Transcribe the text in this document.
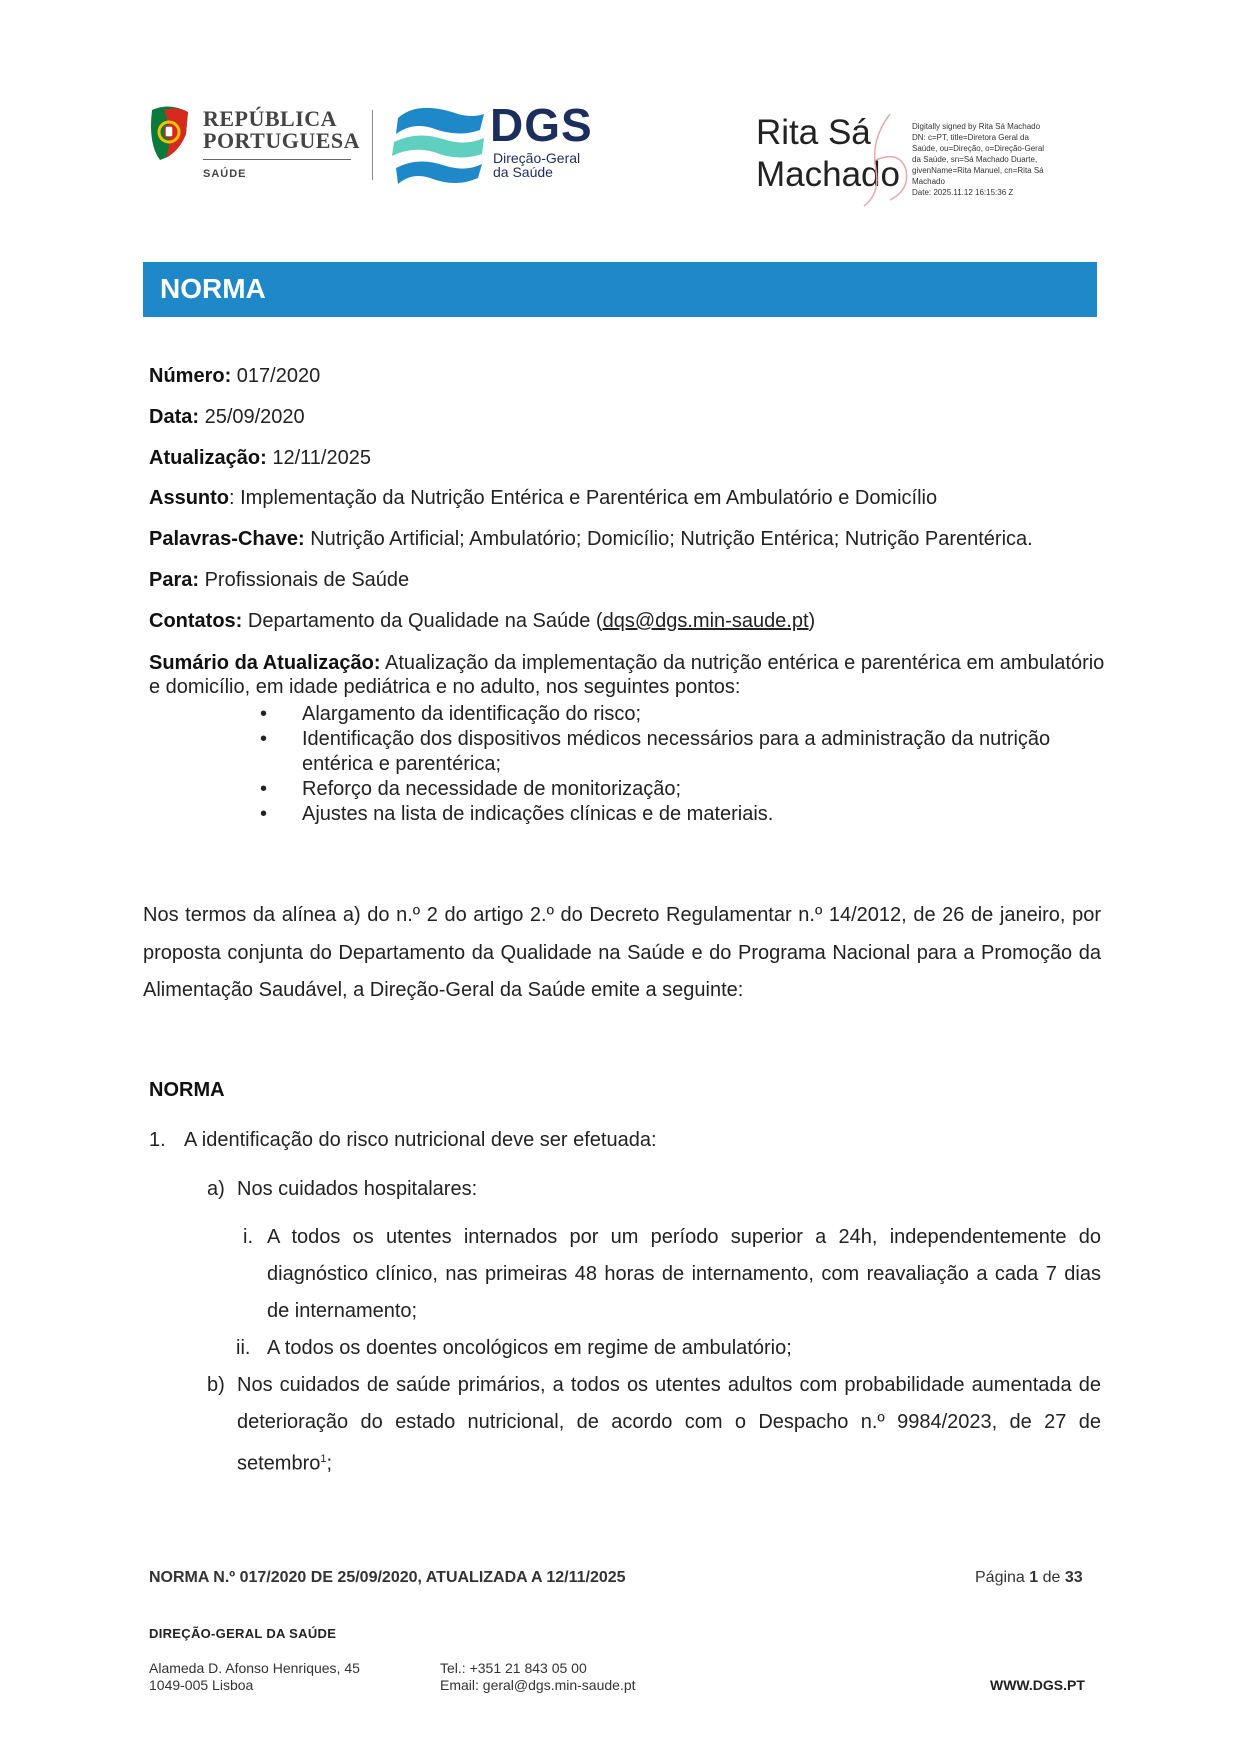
REPÚBLICA
PORTUGUESA
SAÚDE
DGS
Direção-Geral
da Saúde
Rita Sá
Machado
Digitally signed by Rita Sá Machado
DN: c=PT, title=Diretora Geral da
Saúde, ou=Direção, o=Direção-Geral
da Saúde, sn=Sá Machado Duarte,
givenName=Rita Manuel, cn=Rita Sá
Machado
Date: 2025.11.12 16:15:36 Z
NORMA
Número: 017/2020
Data: 25/09/2020
Atualização: 12/11/2025
Assunto: Implementação da Nutrição Entérica e Parentérica em Ambulatório e Domicílio
Palavras-Chave: Nutrição Artificial; Ambulatório; Domicílio; Nutrição Entérica; Nutrição Parentérica.
Para: Profissionais de Saúde
Contatos: Departamento da Qualidade na Saúde (dqs@dgs.min-saude.pt)
Sumário da Atualização: Atualização da implementação da nutrição entérica e parentérica em ambulatório e domicílio, em idade pediátrica e no adulto, nos seguintes pontos:
• Alargamento da identificação do risco;
• Identificação dos dispositivos médicos necessários para a administração da nutrição entérica e parentérica;
• Reforço da necessidade de monitorização;
• Ajustes na lista de indicações clínicas e de materiais.
Nos termos da alínea a) do n.º 2 do artigo 2.º do Decreto Regulamentar n.º 14/2012, de 26 de janeiro, por proposta conjunta do Departamento da Qualidade na Saúde e do Programa Nacional para a Promoção da Alimentação Saudável, a Direção-Geral da Saúde emite a seguinte:
NORMA
1. A identificação do risco nutricional deve ser efetuada:
a) Nos cuidados hospitalares:
i. A todos os utentes internados por um período superior a 24h, independentemente do diagnóstico clínico, nas primeiras 48 horas de internamento, com reavaliação a cada 7 dias de internamento;
ii. A todos os doentes oncológicos em regime de ambulatório;
b) Nos cuidados de saúde primários, a todos os utentes adultos com probabilidade aumentada de deterioração do estado nutricional, de acordo com o Despacho n.º 9984/2023, de 27 de setembro$^1$;
NORMA N.º 017/2020 DE 25/09/2020, ATUALIZADA A 12/11/2025	Página 1 de 33
DIREÇÃO-GERAL DA SAÚDE
Alameda D. Afonso Henriques, 45
1049-005 Lisboa
Tel.: +351 21 843 05 00
Email: geral@dgs.min-saude.pt	WWW.DGS.PT
